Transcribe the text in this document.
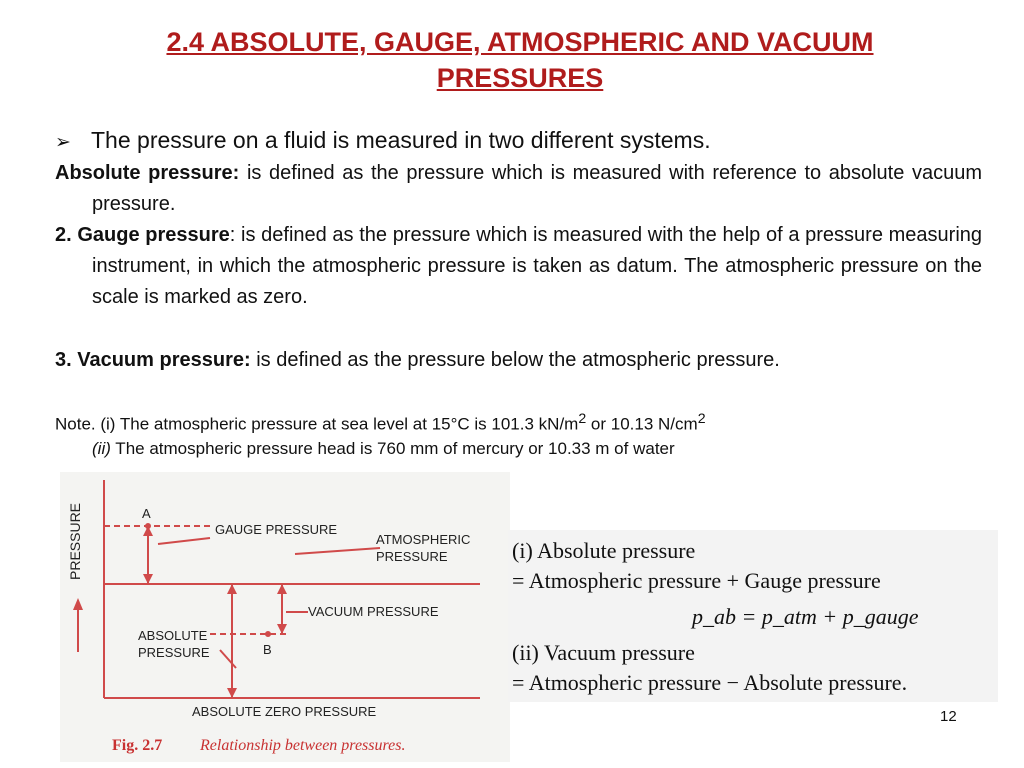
2.4 ABSOLUTE, GAUGE, ATMOSPHERIC AND VACUUM
PRESSURES
➢ The pressure on a fluid is measured in two different systems.
Absolute pressure: is defined as the pressure which is measured with reference to absolute vacuum pressure.
2. Gauge pressure: is defined as the pressure which is measured with the help of a pressure measuring instrument, in which the atmospheric pressure is taken as datum. The atmospheric pressure on the scale is marked as zero.
3. Vacuum pressure: is defined as the pressure below the atmospheric pressure.
Note. (i) The atmospheric pressure at sea level at 15°C is 101.3 $kN/m^2$ or 10.13 $N/cm^2$
(ii) The atmospheric pressure head is 760 mm of mercury or 10.33 m of water
PRESSURE	A
B
GAUGE PRESSURE
ATMOSPHERIC
PRESSURE
VACUUM PRESSURE
ABSOLUTE
PRESSURE
ABSOLUTE ZERO PRESSURE
Fig. 2.7 Relationship between pressures.
(i) Absolute pressure
= Atmospheric pressure + Gauge pressure
p_ab = p_atm + p_gauge
(ii) Vacuum pressure
= Atmospheric pressure − Absolute pressure.
12
